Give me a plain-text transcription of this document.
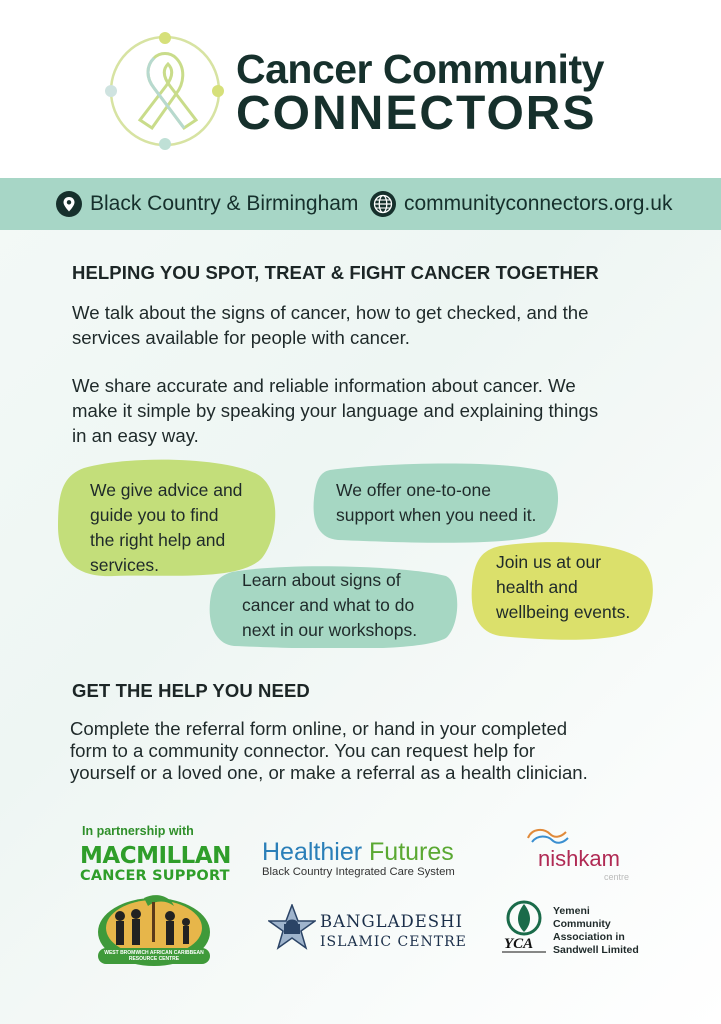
Cancer Community
CONNECTORS
Black Country & Birmingham communityconnectors.org.uk
HELPING YOU SPOT, TREAT & FIGHT CANCER TOGETHER
We talk about the signs of cancer, how to get checked, and the
services available for people with cancer.
We share accurate and reliable information about cancer. We
make it simple by speaking your language and explaining things
in an easy way.
We give advice and
guide you to find
the right help and
services.
We offer one-to-one
support when you need it.
Join us at our
health and
wellbeing events.
Learn about signs of
cancer and what to do
next in our workshops.
GET THE HELP YOU NEED
Complete the referral form online, or hand in your completed
form to a community connector. You can request help for
yourself or a loved one, or make a referral as a health clinician.
In partnership with
MACMILLAN
CANCER SUPPORT
Healthier Futures
Black Country Integrated Care System
nishkam
centre
WEST BROMWICH AFRICAN CARIBBEAN RESOURCE CENTRE
BANGLADESHI
ISLAMIC CENTRE YCA
Yemeni
Community
Association in
Sandwell Limited
